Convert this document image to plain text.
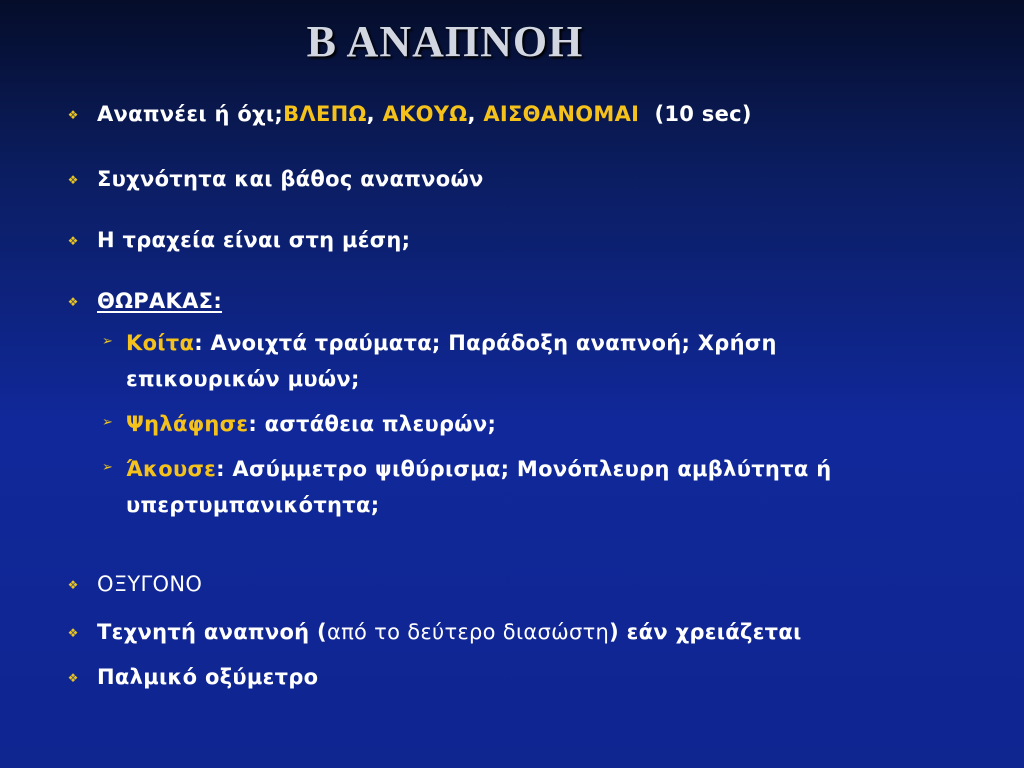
Β ΑΝΑΠΝΟΗ
❖ Αναπνέει ή όχι;ΒΛΕΠΩ, ΑΚΟΥΩ, ΑΙΣΘΑΝΟΜΑΙ  (10 sec)
❖ Συχνότητα και βάθος αναπνοών
❖ Η τραχεία είναι στη μέση;
❖ ΘΩΡΑΚΑΣ:
➢ Κοίτα: Ανοιχτά τραύματα; Παράδοξη αναπνοή; Χρήση επικουρικών μυών;
➢ Ψηλάφησε: αστάθεια πλευρών;
➢ Άκουσε: Ασύμμετρο ψιθύρισμα; Μονόπλευρη αμβλύτητα ή υπερτυμπανικότητα;
❖ ΟΞΥΓΟΝΟ
❖ Τεχνητή αναπνοή (από το δεύτερο διασώστη) εάν χρειάζεται
❖ Παλμικό οξύμετρο
